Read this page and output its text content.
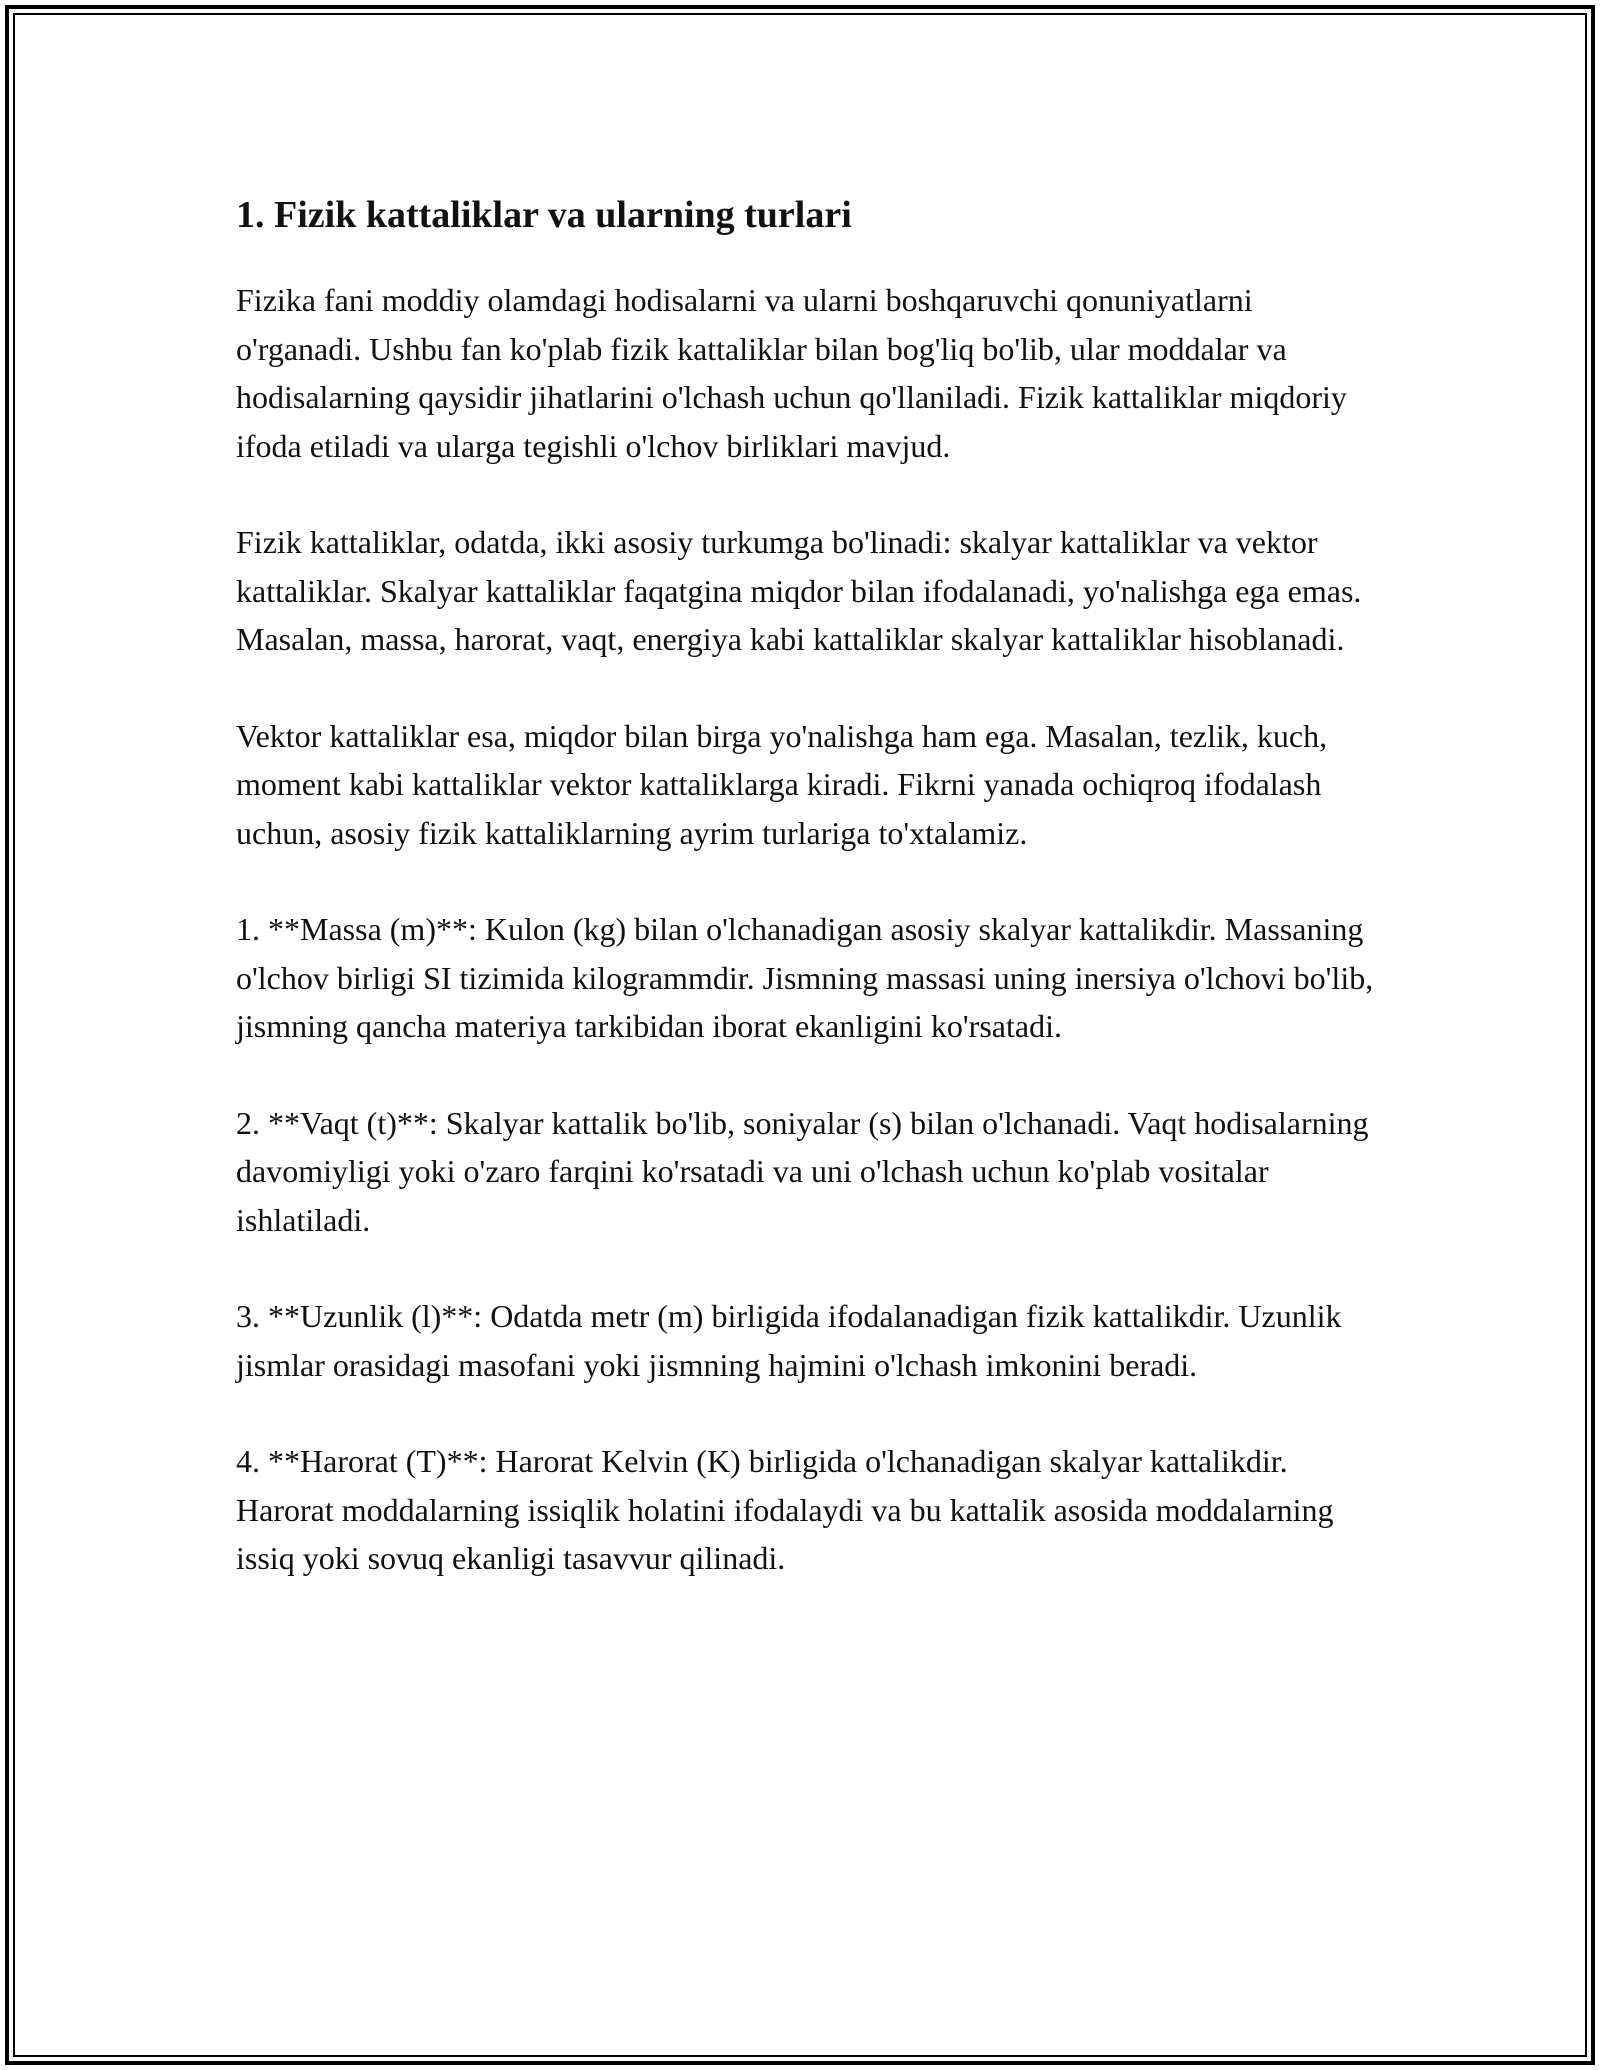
1. Fizik kattaliklar va ularning turlari

Fizika fani moddiy olamdagi hodisalarni va ularni boshqaruvchi qonuniyatlarni o'rganadi. Ushbu fan ko'plab fizik kattaliklar bilan bog'liq bo'lib, ular moddalar va hodisalarning qaysidir jihatlarini o'lchash uchun qo'llaniladi. Fizik kattaliklar miqdoriy ifoda etiladi va ularga tegishli o'lchov birliklari mavjud.

Fizik kattaliklar, odatda, ikki asosiy turkumga bo'linadi: skalyar kattaliklar va vektor kattaliklar. Skalyar kattaliklar faqatgina miqdor bilan ifodalanadi, yo'nalishga ega emas. Masalan, massa, harorat, vaqt, energiya kabi kattaliklar skalyar kattaliklar hisoblanadi.

Vektor kattaliklar esa, miqdor bilan birga yo'nalishga ham ega. Masalan, tezlik, kuch, moment kabi kattaliklar vektor kattaliklarga kiradi. Fikrni yanada ochiqroq ifodalash uchun, asosiy fizik kattaliklarning ayrim turlariga to'xtalamiz.

1. **Massa (m)**: Kulon (kg) bilan o'lchanadigan asosiy skalyar kattalikdir. Massaning o'lchov birligi SI tizimida kilogrammdir. Jismning massasi uning inersiya o'lchovi bo'lib, jismning qancha materiya tarkibidan iborat ekanligini ko'rsatadi.

2. **Vaqt (t)**: Skalyar kattalik bo'lib, soniyalar (s) bilan o'lchanadi. Vaqt hodisalarning davomiyligi yoki o'zaro farqini ko'rsatadi va uni o'lchash uchun ko'plab vositalar ishlatiladi.

3. **Uzunlik (l)**: Odatda metr (m) birligida ifodalanadigan fizik kattalikdir. Uzunlik jismlar orasidagi masofani yoki jismning hajmini o'lchash imkonini beradi.

4. **Harorat (T)**: Harorat Kelvin (K) birligida o'lchanadigan skalyar kattalikdir. Harorat moddalarning issiqlik holatini ifodalaydi va bu kattalik asosida moddalarning issiq yoki sovuq ekanligi tasavvur qilinadi.
